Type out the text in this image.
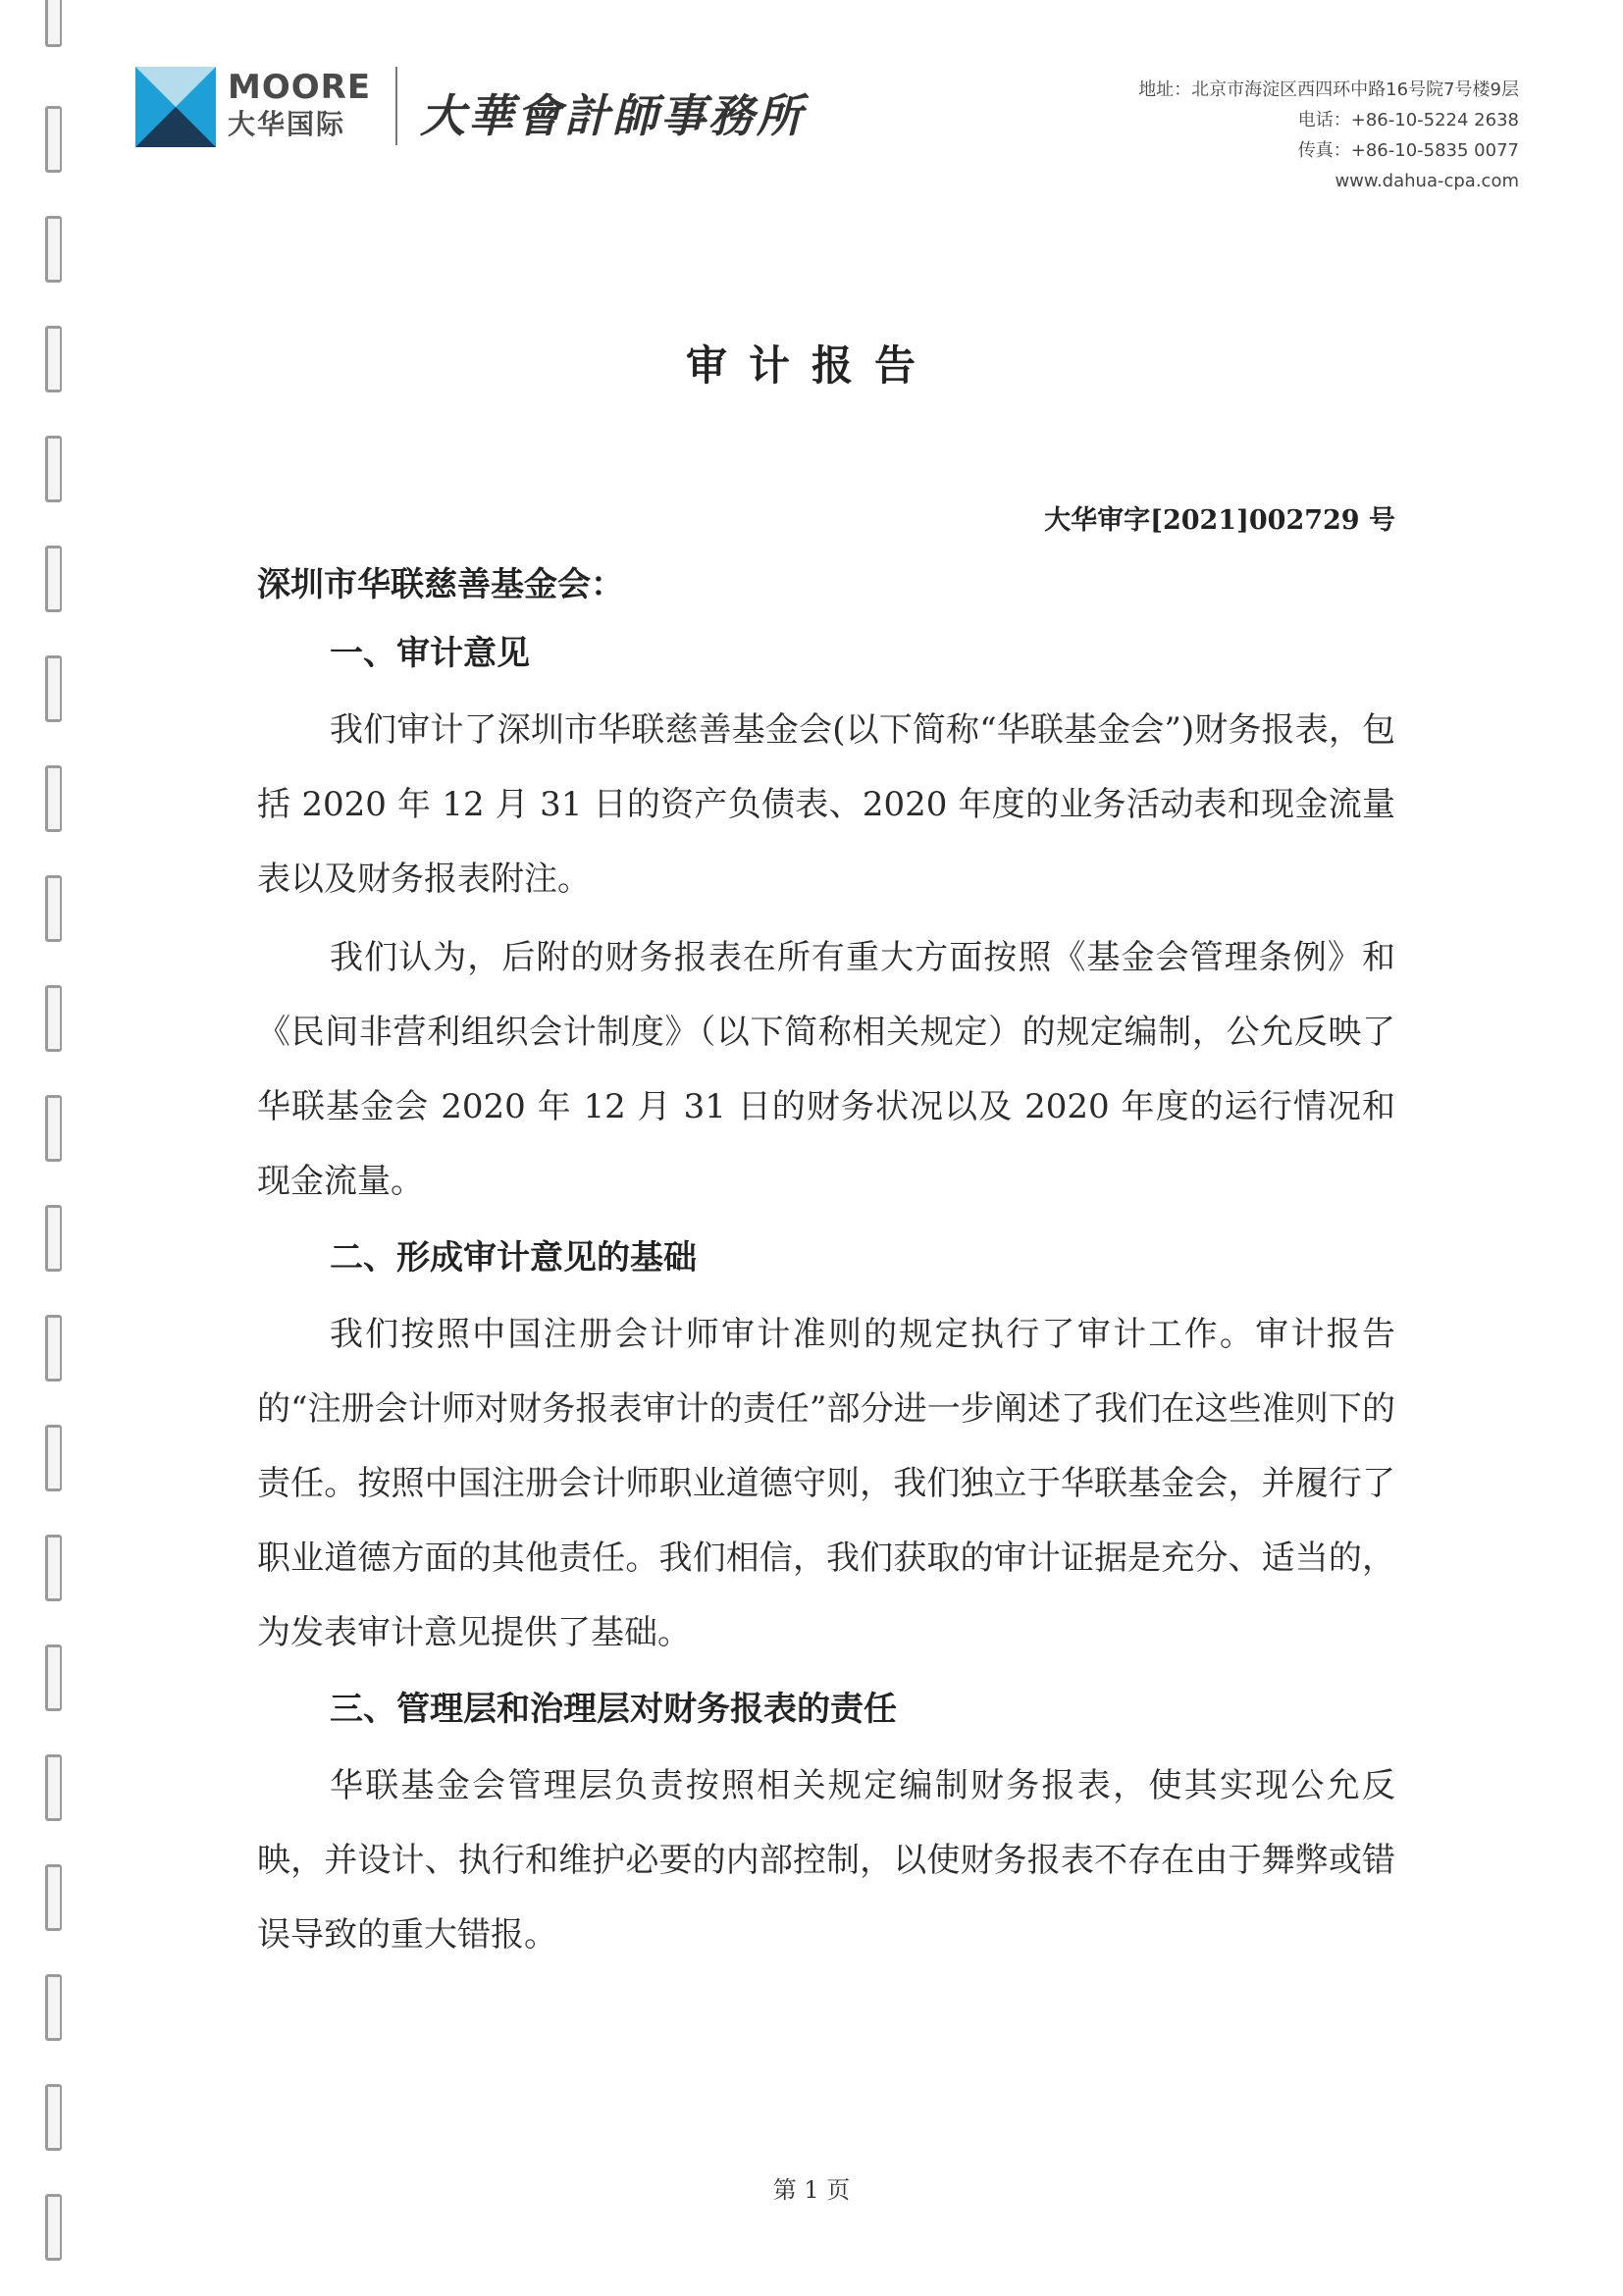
MOORE
大华国际	大華會計師事務所	地址：北京市海淀区西四环中路16号院7号楼9层
电话：+86-10-5224 2638
传真：+86-10-5835 0077
www.dahua-cpa.com
审计报告
大华审字[2021]002729 号

深圳市华联慈善基金会：

一、审计意见

我们审计了深圳市华联慈善基金会(以下简称“华联基金会”)财务报表，包括 2020 年 12 月 31 日的资产负债表、2020 年度的业务活动表和现金流量表以及财务报表附注。

我们认为，后附的财务报表在所有重大方面按照《基金会管理条例》和《民间非营利组织会计制度》（以下简称相关规定）的规定编制，公允反映了华联基金会 2020 年 12 月 31 日的财务状况以及 2020 年度的运行情况和现金流量。

二、形成审计意见的基础

我们按照中国注册会计师审计准则的规定执行了审计工作。审计报告的“注册会计师对财务报表审计的责任”部分进一步阐述了我们在这些准则下的责任。按照中国注册会计师职业道德守则，我们独立于华联基金会，并履行了职业道德方面的其他责任。我们相信，我们获取的审计证据是充分、适当的，为发表审计意见提供了基础。

三、管理层和治理层对财务报表的责任

华联基金会管理层负责按照相关规定编制财务报表，使其实现公允反映，并设计、执行和维护必要的内部控制，以使财务报表不存在由于舞弊或错误导致的重大错报。

第 1 页
